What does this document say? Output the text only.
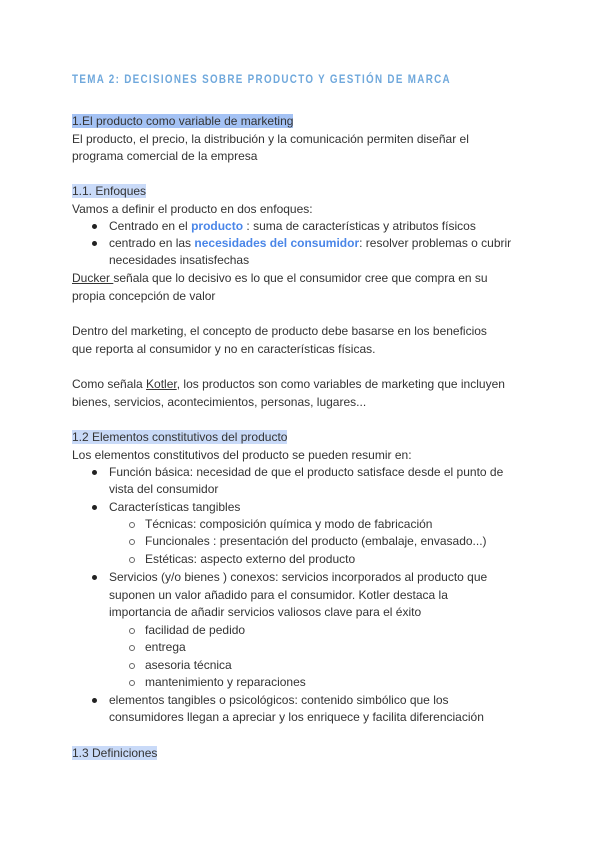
TEMA 2: DECISIONES SOBRE PRODUCTO Y GESTIÓN DE MARCA
1.El producto como variable de marketing
El producto, el precio, la distribución y la comunicación permiten diseñar el
programa comercial de la empresa
1.1. Enfoques
Vamos a definir el producto en dos enfoques:
Centrado en el producto : suma de características y atributos físicos
centrado en las necesidades del consumidor: resolver problemas o cubrir
necesidades insatisfechas
Ducker señala que lo decisivo es lo que el consumidor cree que compra en su
propia concepción de valor
Dentro del marketing, el concepto de producto debe basarse en los beneficios
que reporta al consumidor y no en características físicas.
Como señala Kotler, los productos son como variables de marketing que incluyen
bienes, servicios, acontecimientos, personas, lugares...
1.2 Elementos constitutivos del producto
Los elementos constitutivos del producto se pueden resumir en:
Función básica: necesidad de que el producto satisface desde el punto de
vista del consumidor
Características tangibles
Técnicas: composición química y modo de fabricación
Funcionales : presentación del producto (embalaje, envasado...)
Estéticas: aspecto externo del producto
Servicios (y/o bienes ) conexos: servicios incorporados al producto que
suponen un valor añadido para el consumidor. Kotler destaca la
importancia de añadir servicios valiosos clave para el éxito
facilidad de pedido
entrega
asesoria técnica
mantenimiento y reparaciones
elementos tangibles o psicológicos: contenido simbólico que los
consumidores llegan a apreciar y los enriquece y facilita diferenciación
1.3 Definiciones
